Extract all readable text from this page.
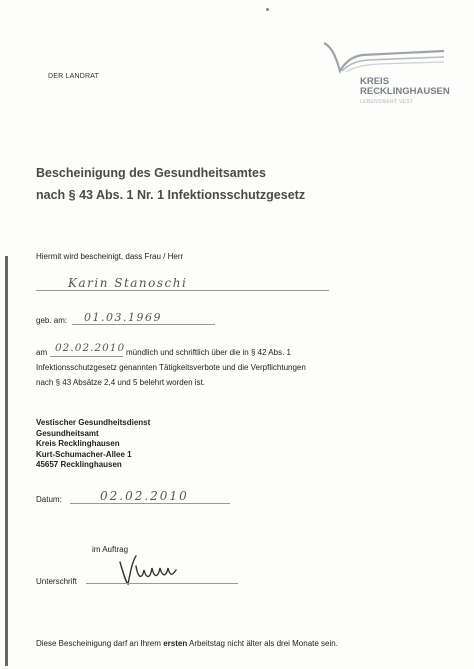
DER LANDRAT	KREIS
RECKLINGHAUSEN
LEBENSWERT VEST
Bescheinigung des Gesundheitsamtes
nach § 43 Abs. 1 Nr. 1 Infektionsschutzgesetz
Hiermit wird bescheinigt, dass Frau / Herr
Karin Stanoschi
geb. am: 01.03.1969
am 02.02.2010 mündlich und schriftlich über die in § 42 Abs. 1
Infektionsschutzgesetz genannten Tätigkeitsverbote und die Verpflichtungen
nach § 43 Absätze 2,4 und 5 belehrt worden ist.
Vestischer Gesundheitsdienst
Gesundheitsamt
Kreis Recklinghausen
Kurt-Schumacher-Allee 1
45657 Recklinghausen
Datum:	02.02.2010
im Auftrag
Unterschrift
Diese Bescheinigung darf an Ihrem ersten Arbeitstag nicht älter als drei Monate sein.
